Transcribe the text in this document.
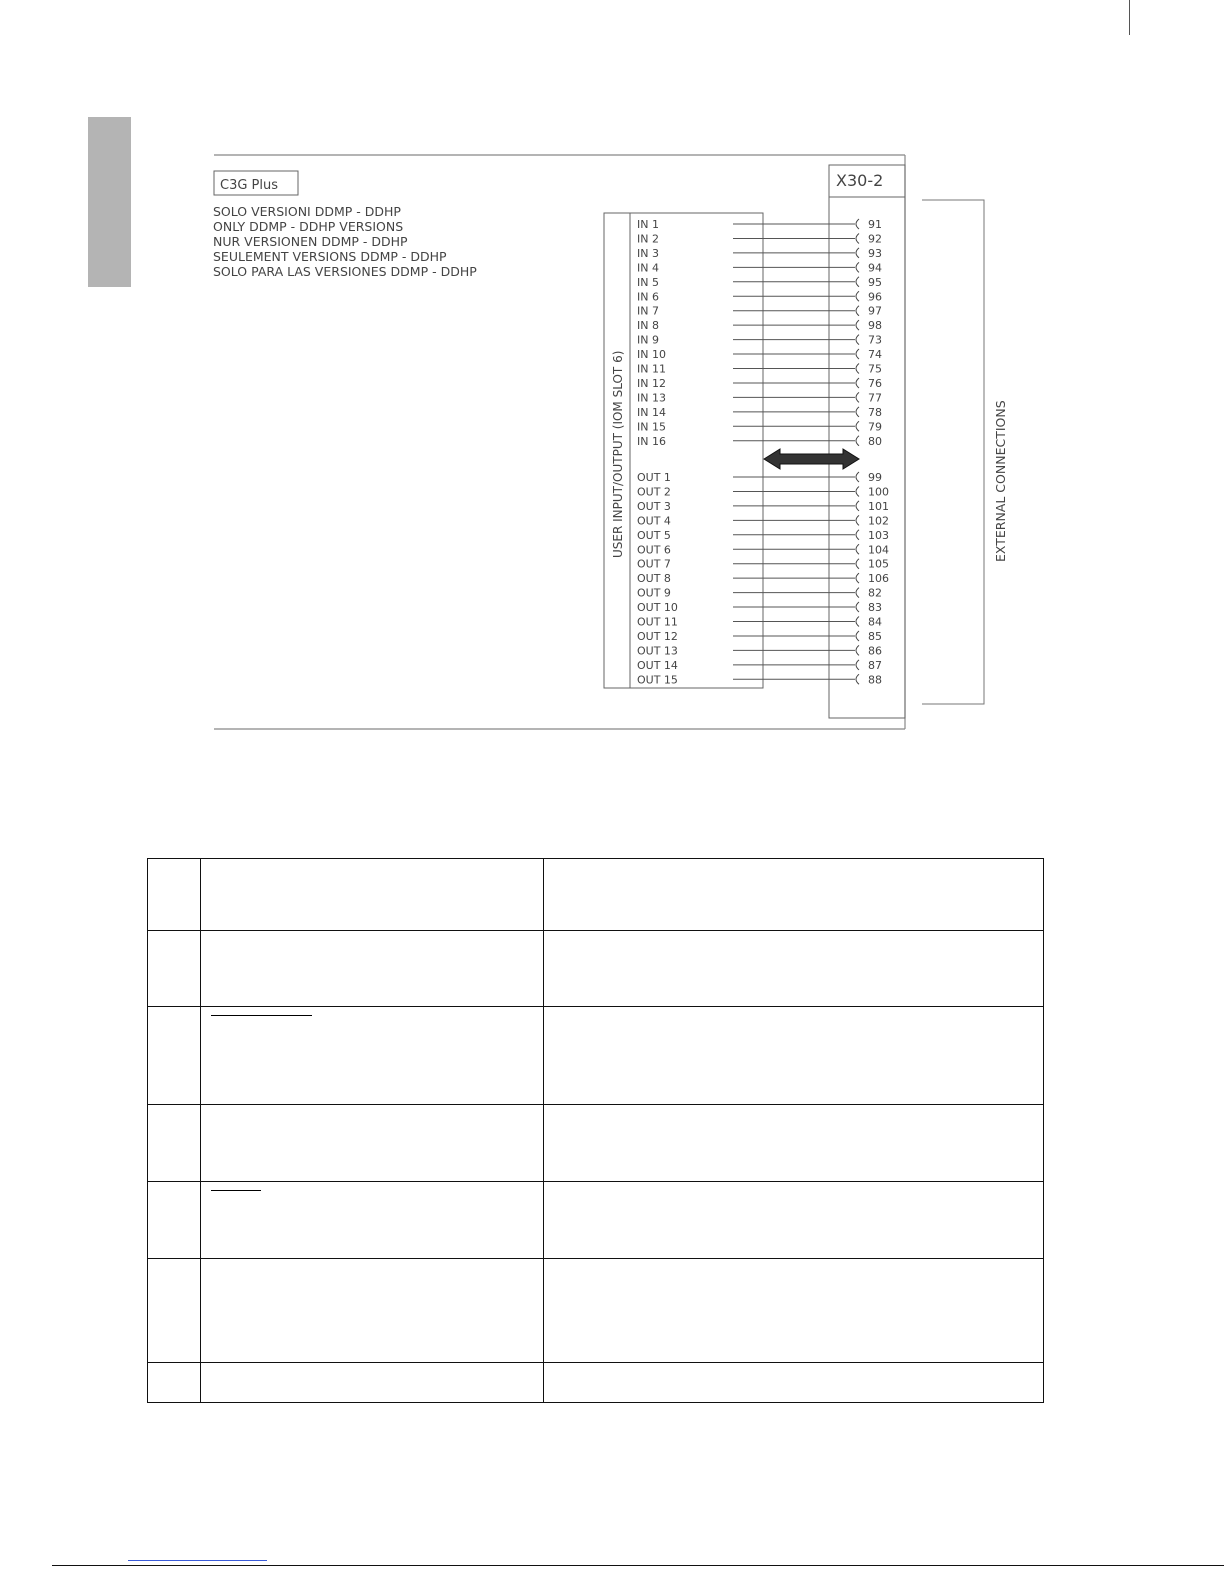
C3G Plus
SOLO VERSIONI DDMP - DDHP
ONLY DDMP - DDHP VERSIONS
NUR VERSIONEN DDMP - DDHP
SEULEMENT VERSIONS DDMP - DDHP
SOLO PARA LAS VERSIONES DDMP - DDHP
USER INPUT/OUTPUT (IOM SLOT 6)
X30-2
EXTERNAL CONNECTIONS
IN 1	91
IN 2	92
IN 3	93
IN 4	94
IN 5	95
IN 6	96
IN 7	97
IN 8	98
IN 9	73
IN 10	74
IN 11	75
IN 12	76
IN 13	77
IN 14	78
IN 15	79
IN 16	80
OUT 1	99
OUT 2	100
OUT 3	101
OUT 4	102
OUT 5	103
OUT 6	104
OUT 7	105
OUT 8	106
OUT 9	82
OUT 10	83
OUT 11	84
OUT 12	85
OUT 13	86
OUT 14	87
OUT 15	88
